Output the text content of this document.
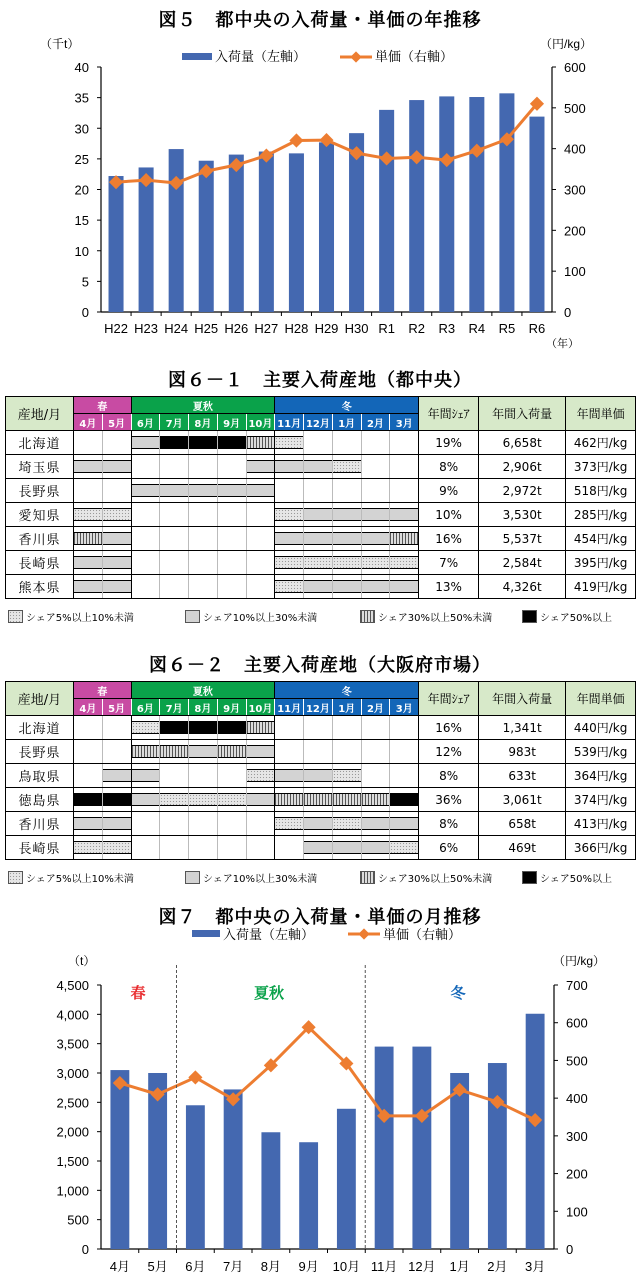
図５　都中央の入荷量・単価の年推移
（千t）	（円/kg）
入荷量（左軸）	単価（右軸）
0
5
10
15
20
25
30
35
40
0
100
200
300
400
500
600
H22 H23 H24 H25 H26 H27 H28 H29 H30 R1 R2 R3 R4 R5 R6
（年）
図６－１　主要入荷産地（都中央）
産地/月	春		夏秋					冬					年間ｼｪｱ	年間入荷量	年間単価
	4月	5月	6月	7月	8月	9月	10月	11月	12月	1月	2月	3月			
北海道													19%	6,658t	462円/kg
埼玉県													8%	2,906t	373円/kg
長野県													9%	2,972t	518円/kg
愛知県													10%	3,530t	285円/kg
香川県													16%	5,537t	454円/kg
長崎県													7%	2,584t	395円/kg
熊本県													13%	4,326t	419円/kg
シェア5%以上10%未満	シェア10%以上30%未満	シェア30%以上50%未満	シェア50%以上
図６－２　主要入荷産地（大阪府市場）
産地/月	春		夏秋					冬					年間ｼｪｱ	年間入荷量	年間単価
	4月	5月	6月	7月	8月	9月	10月	11月	12月	1月	2月	3月			
北海道													16%	1,341t	440円/kg
長野県													12%	983t	539円/kg
鳥取県													8%	633t	364円/kg
徳島県													36%	3,061t	374円/kg
香川県													8%	658t	413円/kg
長崎県													6%	469t	366円/kg
シェア5%以上10%未満	シェア10%以上30%未満	シェア30%以上50%未満	シェア50%以上
図７　都中央の入荷量・単価の月推移
入荷量（左軸）	単価（右軸）
（t）	（円/kg）
0
500
1,000
1,500
2,000
2,500
3,000
3,500
4,000
4,500
0
100
200
300
400
500
600
700
4月 5月 6月 7月 8月 9月 10月 11月 12月 1月 2月 3月
春	夏秋	冬
